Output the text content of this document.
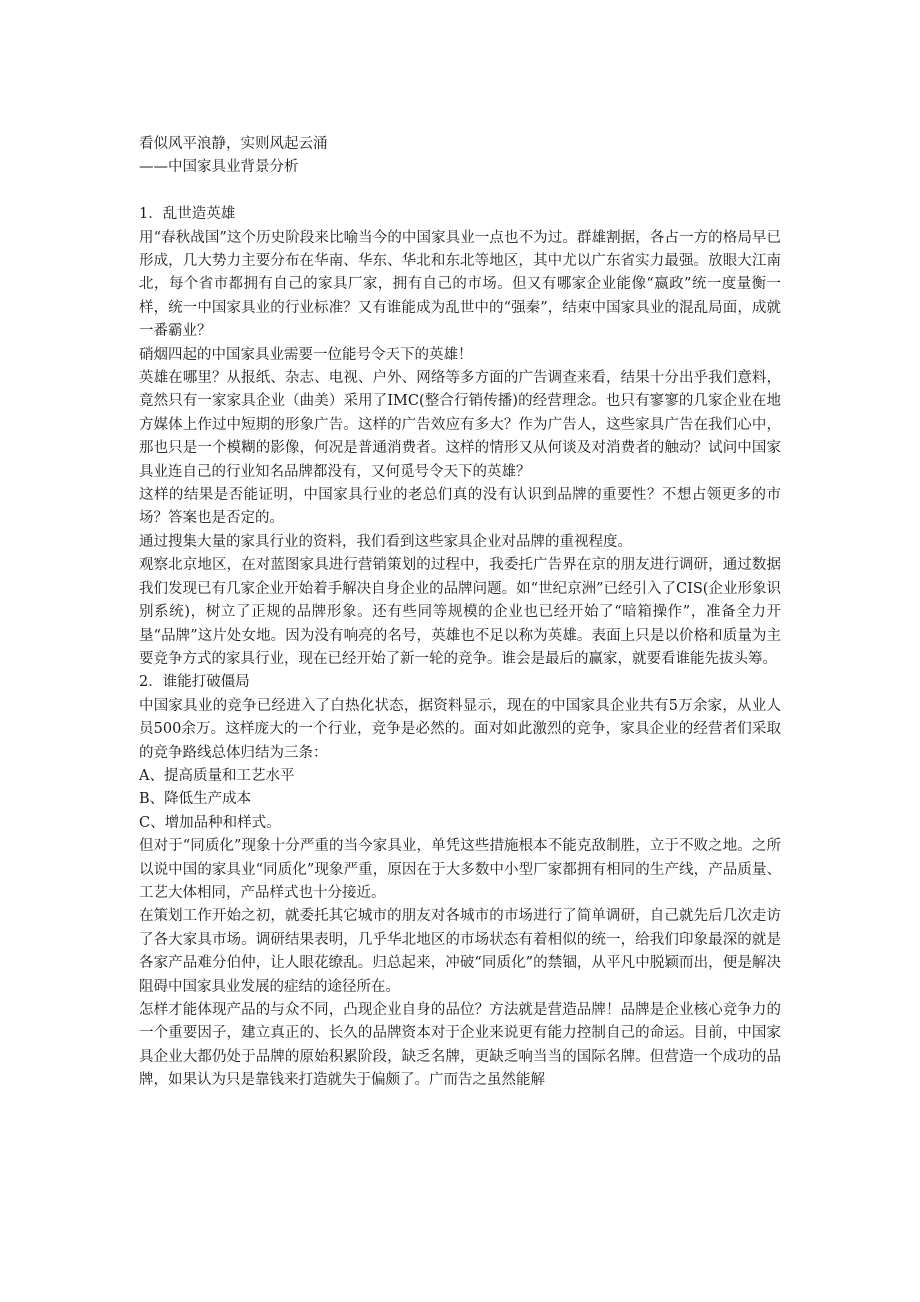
看似风平浪静，实则风起云涌
——中国家具业背景分析
1．乱世造英雄

用“春秋战国”这个历史阶段来比喻当今的中国家具业一点也不为过。群雄割据，各占一方的格局早已形成，几大势力主要分布在华南、华东、华北和东北等地区，其中尤以广东省实力最强。放眼大江南北，每个省市都拥有自己的家具厂家，拥有自己的市场。但又有哪家企业能像“嬴政”统一度量衡一样，统一中国家具业的行业标准？又有谁能成为乱世中的“强秦”，结束中国家具业的混乱局面，成就一番霸业？

硝烟四起的中国家具业需要一位能号令天下的英雄！

英雄在哪里？从报纸、杂志、电视、户外、网络等多方面的广告调查来看，结果十分出乎我们意料，竟然只有一家家具企业（曲美）采用了IMC(整合行销传播)的经营理念。也只有寥寥的几家企业在地方媒体上作过中短期的形象广告。这样的广告效应有多大？作为广告人，这些家具广告在我们心中，那也只是一个模糊的影像，何况是普通消费者。这样的情形又从何谈及对消费者的触动？试问中国家具业连自己的行业知名品牌都没有，又何觅号令天下的英雄？

这样的结果是否能证明，中国家具行业的老总们真的没有认识到品牌的重要性？不想占领更多的市场？答案也是否定的。

通过搜集大量的家具行业的资料，我们看到这些家具企业对品牌的重视程度。

观察北京地区，在对蓝图家具进行营销策划的过程中，我委托广告界在京的朋友进行调研，通过数据我们发现已有几家企业开始着手解决自身企业的品牌问题。如“世纪京洲”已经引入了CIS(企业形象识别系统)，树立了正规的品牌形象。还有些同等规模的企业也已经开始了“暗箱操作”，准备全力开垦“品牌”这片处女地。因为没有响亮的名号，英雄也不足以称为英雄。表面上只是以价格和质量为主要竞争方式的家具行业，现在已经开始了新一轮的竞争。谁会是最后的赢家，就要看谁能先拔头筹。

2．谁能打破僵局

中国家具业的竞争已经进入了白热化状态，据资料显示，现在的中国家具企业共有5万余家，从业人员500余万。这样庞大的一个行业，竞争是必然的。面对如此激烈的竞争，家具企业的经营者们采取的竞争路线总体归结为三条：

A、提高质量和工艺水平

B、降低生产成本

C、增加品种和样式。

但对于“同质化”现象十分严重的当今家具业，单凭这些措施根本不能克敌制胜，立于不败之地。之所以说中国的家具业“同质化”现象严重，原因在于大多数中小型厂家都拥有相同的生产线，产品质量、工艺大体相同，产品样式也十分接近。

在策划工作开始之初，就委托其它城市的朋友对各城市的市场进行了简单调研，自己就先后几次走访了各大家具市场。调研结果表明，几乎华北地区的市场状态有着相似的统一，给我们印象最深的就是各家产品难分伯仲，让人眼花缭乱。归总起来，冲破“同质化”的禁锢，从平凡中脱颖而出，便是解决阻碍中国家具业发展的症结的途径所在。

怎样才能体现产品的与众不同，凸现企业自身的品位？方法就是营造品牌！品牌是企业核心竞争力的一个重要因子，建立真正的、长久的品牌资本对于企业来说更有能力控制自己的命运。目前，中国家具企业大都仍处于品牌的原始积累阶段，缺乏名牌，更缺乏响当当的国际名牌。但营造一个成功的品牌，如果认为只是靠钱来打造就失于偏颇了。广而告之虽然能解
